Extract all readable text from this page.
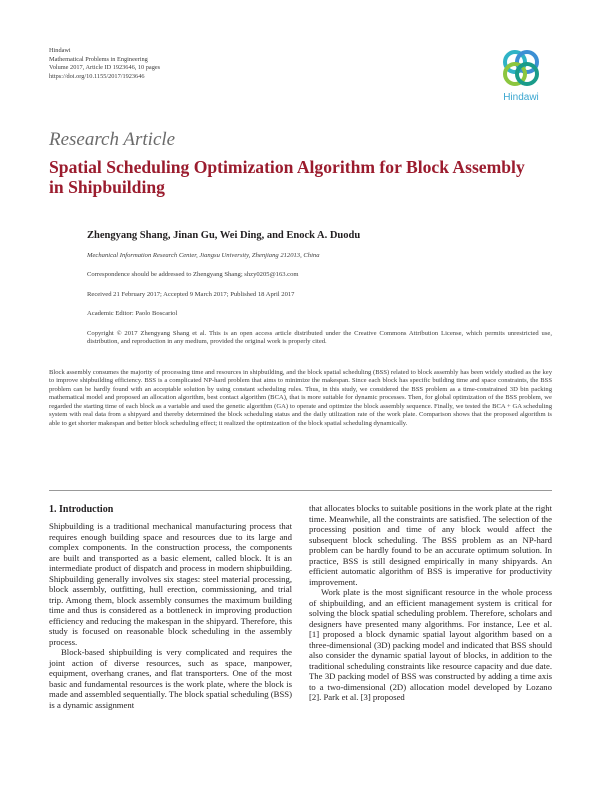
Hindawi
Mathematical Problems in Engineering
Volume 2017, Article ID 1923646, 10 pages
https://doi.org/10.1155/2017/1923646
Hindawi
Research Article
Spatial Scheduling Optimization Algorithm for Block Assembly in Shipbuilding
Zhengyang Shang, Jinan Gu, Wei Ding, and Enock A. Duodu
Mechanical Information Research Center, Jiangsu University, Zhenjiang 212013, China
Correspondence should be addressed to Zhengyang Shang; shzy0205@163.com
Received 21 February 2017; Accepted 9 March 2017; Published 18 April 2017
Academic Editor: Paolo Boscariol
Copyright © 2017 Zhengyang Shang et al. This is an open access article distributed under the Creative Commons Attribution License, which permits unrestricted use, distribution, and reproduction in any medium, provided the original work is properly cited.
Block assembly consumes the majority of processing time and resources in shipbuilding, and the block spatial scheduling (BSS) related to block assembly has been widely studied as the key to improve shipbuilding efficiency. BSS is a complicated NP-hard problem that aims to minimize the makespan. Since each block has specific building time and space constraints, the BSS problem can be hardly found with an acceptable solution by using constant scheduling rules. Thus, in this study, we considered the BSS problem as a time-constrained 3D bin packing mathematical model and proposed an allocation algorithm, best contact algorithm (BCA), that is more suitable for dynamic processes. Then, for global optimization of the BSS problem, we regarded the starting time of each block as a variable and used the genetic algorithm (GA) to operate and optimize the block assembly sequence. Finally, we tested the BCA + GA scheduling system with real data from a shipyard and thereby determined the block scheduling status and the daily utilization rate of the work plate. Comparison shows that the proposed algorithm is able to get shorter makespan and better block scheduling effect; it realized the optimization of the block spatial scheduling dynamically.
1. Introduction

Shipbuilding is a traditional mechanical manufacturing process that requires enough building space and resources due to its large and complex components. In the construction process, the components are built and transported as a basic element, called block. It is an intermediate product of dispatch and process in modern shipbuilding. Shipbuilding generally involves six stages: steel material processing, block assembly, outfitting, hull erection, commissioning, and trial trip. Among them, block assembly consumes the maximum building time and thus is considered as a bottleneck in improving production efficiency and reducing the makespan in the shipyard. Therefore, this study is focused on reasonable block scheduling in the assembly process.

Block-based shipbuilding is very complicated and requires the joint action of diverse resources, such as space, manpower, equipment, overhang cranes, and flat transporters. One of the most basic and fundamental resources is the work plate, where the block is made and assembled sequentially. The block spatial scheduling (BSS) is a dynamic assignment

that allocates blocks to suitable positions in the work plate at the right time. Meanwhile, all the constraints are satisfied. The selection of the processing position and time of any block would affect the subsequent block scheduling. The BSS problem as an NP-hard problem can be hardly found to be an accurate optimum solution. In practice, BSS is still designed empirically in many shipyards. An efficient automatic algorithm of BSS is imperative for productivity improvement.

Work plate is the most significant resource in the whole process of shipbuilding, and an efficient management system is critical for solving the block spatial scheduling problem. Therefore, scholars and designers have presented many algorithms. For instance, Lee et al. [1] proposed a block dynamic spatial layout algorithm based on a three-dimensional (3D) packing model and indicated that BSS should also consider the dynamic spatial layout of blocks, in addition to the traditional scheduling constraints like resource capacity and due date. The 3D packing model of BSS was constructed by adding a time axis to a two-dimensional (2D) allocation model developed by Lozano [2]. Park et al. [3] proposed
